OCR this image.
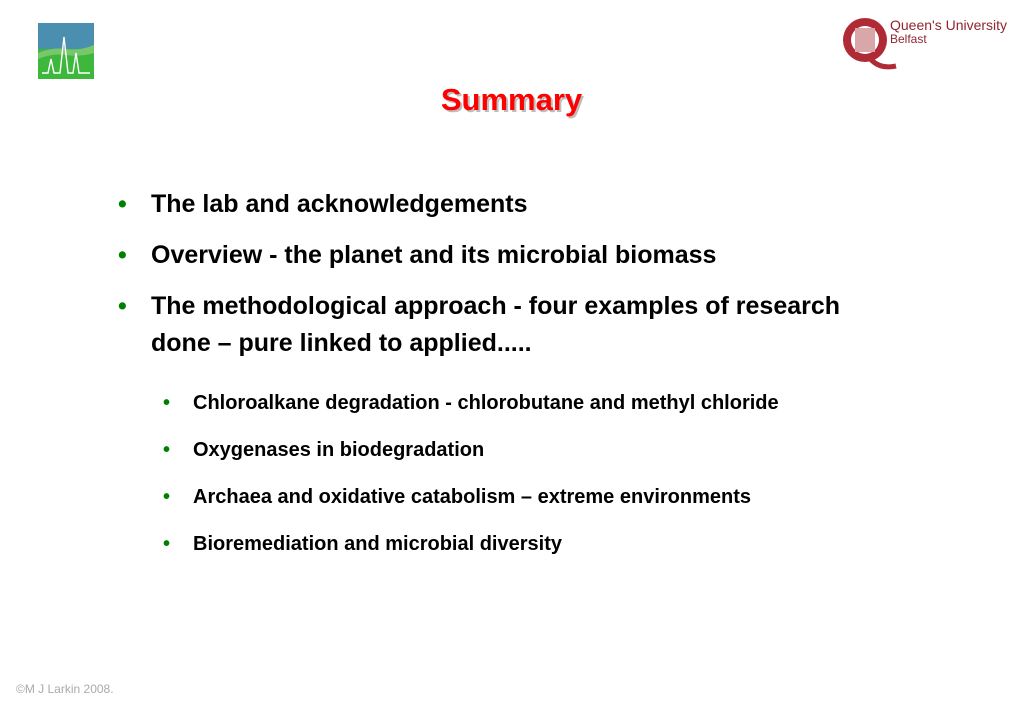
Queen's University
Belfast
Summary
• The lab and acknowledgements
• Overview - the planet and its microbial biomass
• The methodological approach - four examples of research done – pure linked to applied.....
• Chloroalkane degradation - chlorobutane and methyl chloride
• Oxygenases in biodegradation
• Archaea and oxidative catabolism – extreme environments
• Bioremediation and microbial diversity
©M J Larkin 2008.
